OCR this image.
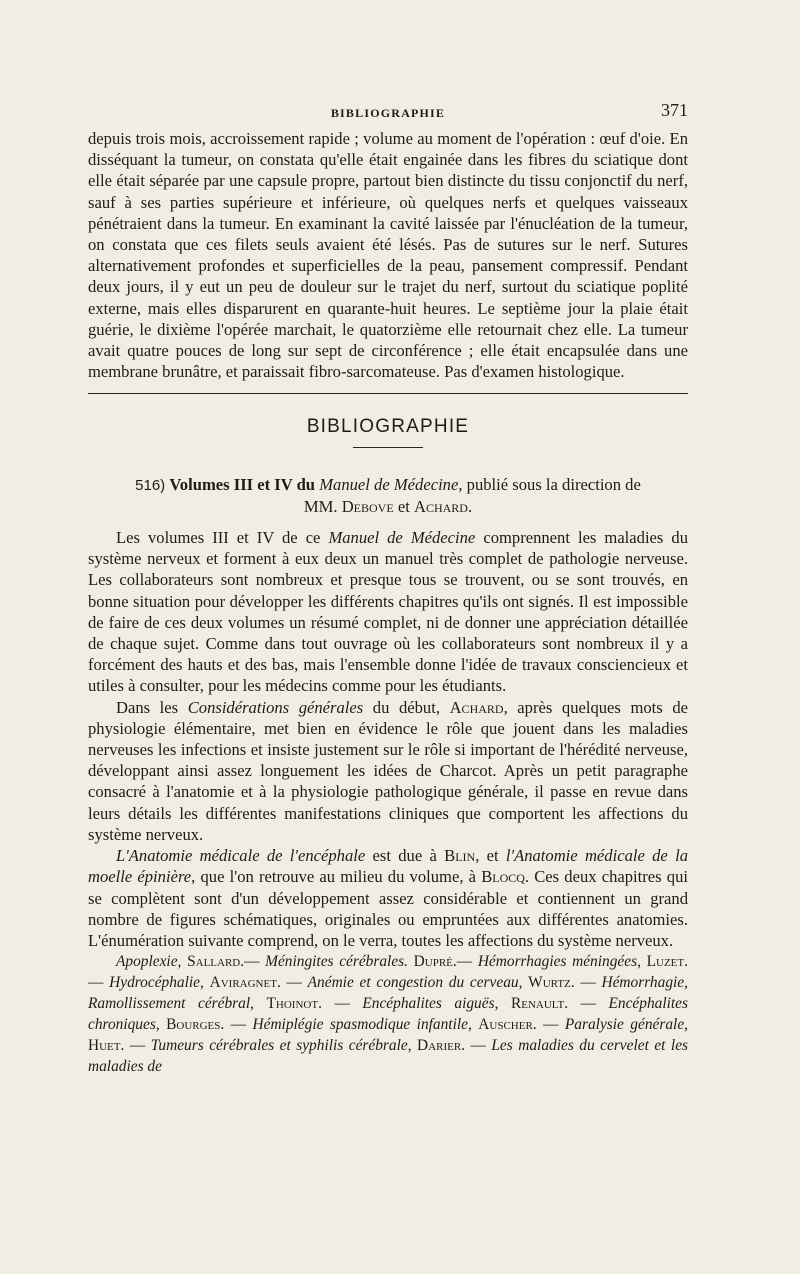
BIBLIOGRAPHIE	371

depuis trois mois, accroissement rapide ; volume au moment de l'opération : œuf d'oie. En disséquant la tumeur, on constata qu'elle était engainée dans les fibres du sciatique dont elle était séparée par une capsule propre, partout bien distincte du tissu conjonctif du nerf, sauf à ses parties supérieure et inférieure, où quelques nerfs et quelques vaisseaux pénétraient dans la tumeur. En examinant la cavité laissée par l'énucléation de la tumeur, on constata que ces filets seuls avaient été lésés. Pas de sutures sur le nerf. Sutures alternativement profondes et superficielles de la peau, pansement compressif. Pendant deux jours, il y eut un peu de douleur sur le trajet du nerf, surtout du sciatique poplité externe, mais elles disparurent en quarante-huit heures. Le septième jour la plaie était guérie, le dixième l'opérée marchait, le quatorzième elle retournait chez elle. La tumeur avait quatre pouces de long sur sept de circonférence ; elle était encapsulée dans une membrane brunâtre, et paraissait fibro-sarcomateuse. Pas d'examen histologique.

BIBLIOGRAPHIE

516) Volumes III et IV du Manuel de Médecine, publié sous la direction de
MM. Debove et Achard.

Les volumes III et IV de ce Manuel de Médecine comprennent les maladies du système nerveux et forment à eux deux un manuel très complet de pathologie nerveuse. Les collaborateurs sont nombreux et presque tous se trouvent, ou se sont trouvés, en bonne situation pour développer les différents chapitres qu'ils ont signés. Il est impossible de faire de ces deux volumes un résumé complet, ni de donner une appréciation détaillée de chaque sujet. Comme dans tout ouvrage où les collaborateurs sont nombreux il y a forcément des hauts et des bas, mais l'ensemble donne l'idée de travaux consciencieux et utiles à consulter, pour les médecins comme pour les étudiants.

Dans les Considérations générales du début, Achard, après quelques mots de physiologie élémentaire, met bien en évidence le rôle que jouent dans les maladies nerveuses les infections et insiste justement sur le rôle si important de l'hérédité nerveuse, développant ainsi assez longuement les idées de Charcot. Après un petit paragraphe consacré à l'anatomie et à la physiologie pathologique générale, il passe en revue dans leurs détails les différentes manifestations cliniques que comportent les affections du système nerveux.

L'Anatomie médicale de l'encéphale est due à Blin, et l'Anatomie médicale de la moelle épinière, que l'on retrouve au milieu du volume, à Blocq. Ces deux chapitres qui se complètent sont d'un développement assez considérable et contiennent un grand nombre de figures schématiques, originales ou empruntées aux différentes anatomies. L'énumération suivante comprend, on le verra, toutes les affections du système nerveux.

Apoplexie, Sallard.— Méningites cérébrales. Dupré.— Hémorrhagies méningées, Luzet. — Hydrocéphalie, Aviragnet. — Anémie et congestion du cerveau, Wurtz. — Hémorrhagie, Ramollissement cérébral, Thoinot. — Encéphalites aiguës, Renault. — Encéphalites chroniques, Bourges. — Hémiplégie spasmodique infantile, Auscher. — Paralysie générale, Huet. — Tumeurs cérébrales et syphilis cérébrale, Darier. — Les maladies du cervelet et les maladies de
